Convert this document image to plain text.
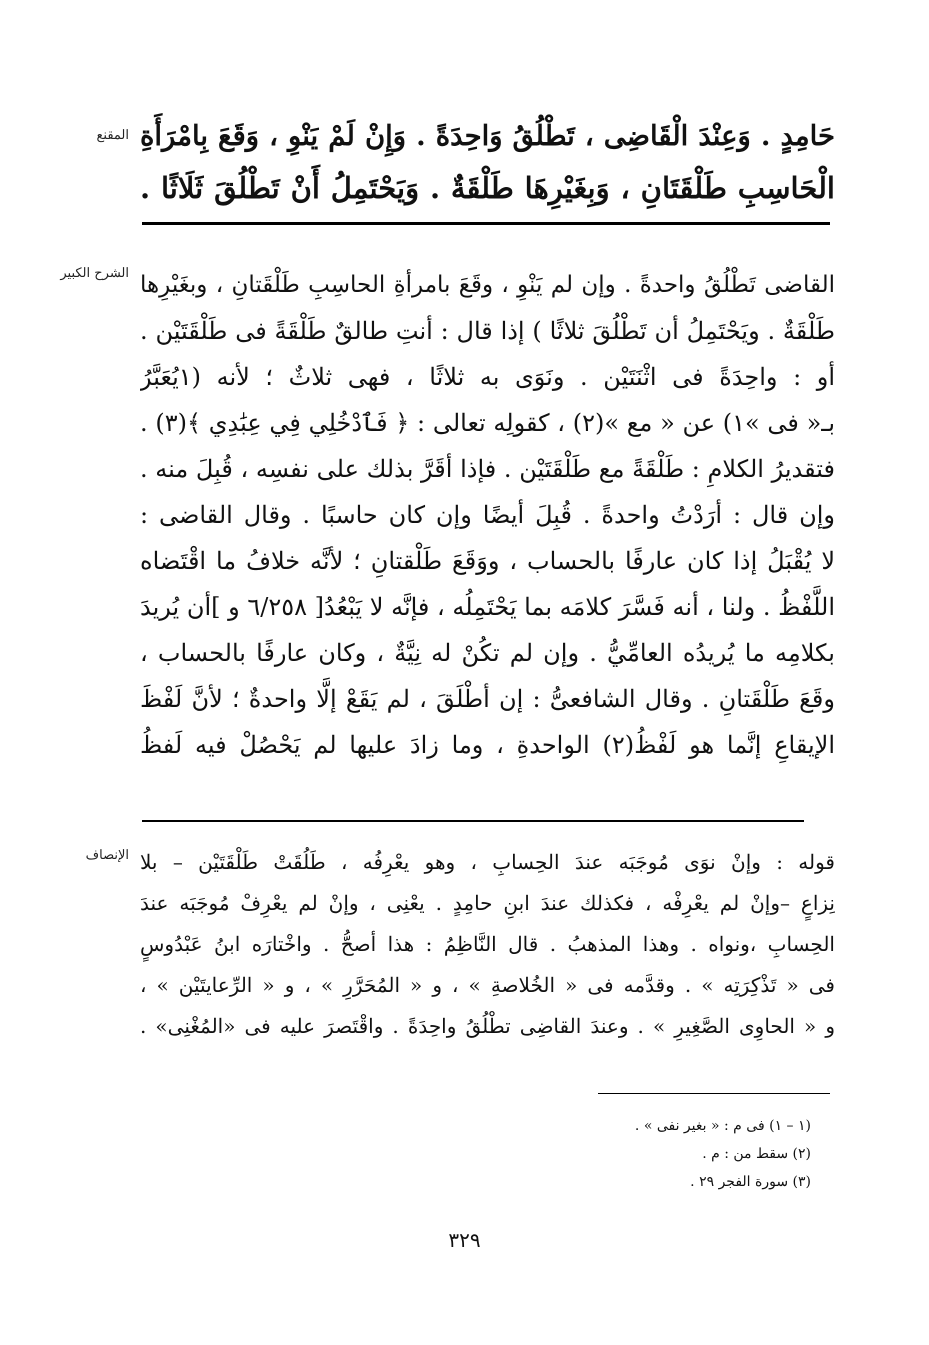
المقنع حَامِدٍ . وَعِنْدَ الْقَاضِى ، تَطْلُقُ وَاحِدَةً . وَإِنْ لَمْ يَنْوِ ، وَقَعَ بِامْرَأَةِ
الْحَاسِبِ طَلْقَتَانِ ، وَبِغَيْرِهَا طَلْقَةٌ . وَيَحْتَمِلُ أَنْ تَطْلُقَ ثَلَاثًا .
الشرح الكبير القاضى تَطْلُقُ واحدةً . وإن لم يَنْوِ ، وقَعَ بامرأةِ الحاسِبِ طَلْقَتانِ ، وبغَيْرِها
طَلْقَةٌ . ويَحْتَمِلُ أن تَطْلُقَ ثلاثًا ) إذا قال : أنتِ طالقٌ طَلْقَةً فى طَلْقَتَيْن .
أو : واحِدَةً فى اثْنَتَيْن . ونَوَى به ثلاثًا ، فهى ثلاثٌ ؛ لأنه (١يُعَبَّرُ
بـ« فى »١) عن « مع »(٢) ، كقولِه تعالى : ﴿ فَٱدْخُلِي فِي عِبَٰدِي ﴾(٣) .
فتقديرُ الكلامِ : طَلْقَةً مع طَلْقَتَيْن . فإذا أقَرَّ بذلك على نفسِه ، قُبِلَ منه .
وإن قال : أرَدْتُ واحدةً . قُبِلَ أيضًا وإن كان حاسبًا . وقال القاضى :
لا يُقْبَلُ إذا كان عارفًا بالحساب ، ووَقَعَ طَلْقتانِ ؛ لأنَّه خلافُ ما اقْتَضاه
اللَّفْظُ . ولنا ، أنه فَسَّرَ كلامَه بما يَحْتَمِلُه ، فإنَّه لا يَبْعُدُ[ ٦/٢٥٨ و ]أن يُريدَ
بكلامِه ما يُريدُه العامِّيُّ . وإن لم تكُنْ له نِيَّةٌ ، وكان عارفًا بالحساب ،
وقَعَ طَلْقَتانِ . وقال الشافعىُّ : إن أطْلَقَ ، لم يَقَعْ إلَّا واحدةٌ ؛ لأنَّ لَفْظَ
الإيقاعِ إنَّما هو لَفْظُ(٢) الواحدةِ ، وما زادَ عليها لم يَحْصُلْ فيه لَفظُ
الإنصاف قوله : وإنْ نوَى مُوجَبَه عندَ الحِسابِ ، وهو يعْرِفُه ، طَلُقَتْ طَلْقَتَيْن – بلا
نِزاعٍ –وإنْ لم يعْرِفْه ، فكذلك عندَ ابنِ حامِدٍ . يعْنِى ، وإنْ لم يعْرِفْ مُوجَبَه عندَ
الحِسابِ ،ونواه . وهذا المذهبُ . قال النَّاظِمُ : هذا أصحُّ . واخْتارَه ابنُ عَبْدُوسٍ
فى « تَذْكِرَتِه » . وقدَّمه فى « الخُلاصةِ » ، و « المُحَرَّرِ » ، و « الرِّعايتَيْن » ،
و « الحاوِى الصَّغِيرِ » . وعندَ القاضِى تطْلُقُ واحِدَةً . واقْتَصرَ عليه فى «المُغْنِى» .
(١ – ١) فى م : « بغير نفى » .
(٢) سقط من : م .
(٣) سورة الفجر ٢٩ .
٣٢٩
